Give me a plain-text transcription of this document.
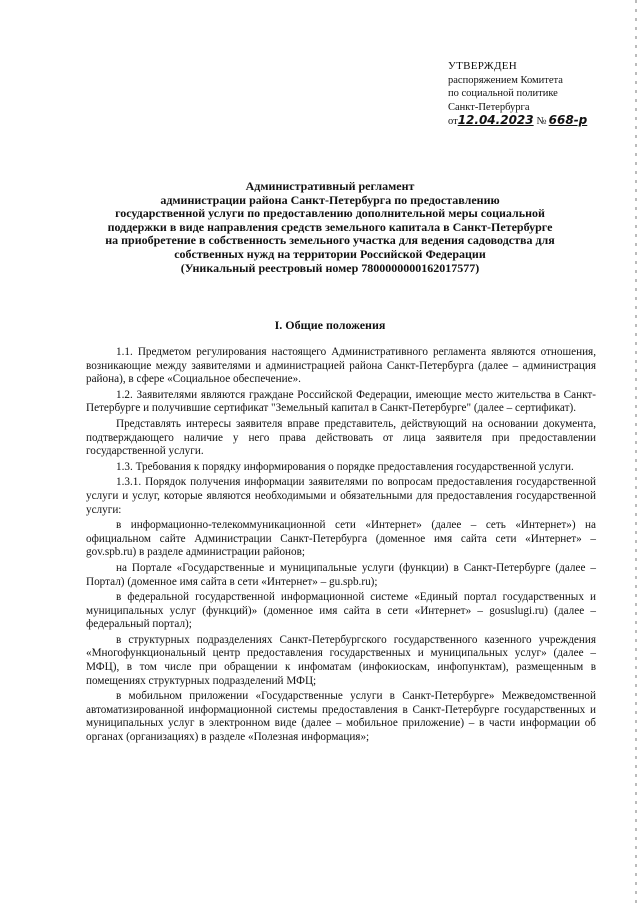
УТВЕРЖДЕН
распоряжением Комитета
по социальной политике
Санкт-Петербурга
от 12.04.2023 № 668-р
Административный регламент
администрации района Санкт-Петербурга по предоставлению
государственной услуги по предоставлению дополнительной меры социальной
поддержки в виде направления средств земельного капитала в Санкт-Петербурге
на приобретение в собственность земельного участка для ведения садоводства для
собственных нужд на территории Российской Федерации
(Уникальный реестровый номер 7800000000162017577)
I. Общие положения

1.1. Предметом регулирования настоящего Административного регламента являются отношения, возникающие между заявителями и администрацией района Санкт-Петербурга (далее – администрация района), в сфере «Социальное обеспечение».

1.2. Заявителями являются граждане Российской Федерации, имеющие место жительства в Санкт-Петербурге и получившие сертификат "Земельный капитал в Санкт-Петербурге" (далее – сертификат).

Представлять интересы заявителя вправе представитель, действующий на основании документа, подтверждающего наличие у него права действовать от лица заявителя при предоставлении государственной услуги.

1.3. Требования к порядку информирования о порядке предоставления государственной услуги.

1.3.1. Порядок получения информации заявителями по вопросам предоставления государственной услуги и услуг, которые являются необходимыми и обязательными для предоставления государственной услуги:

в информационно-телекоммуникационной сети «Интернет» (далее – сеть «Интернет») на официальном сайте Администрации Санкт-Петербурга (доменное имя сайта сети «Интернет» – gov.spb.ru) в разделе администрации районов;

на Портале «Государственные и муниципальные услуги (функции) в Санкт-Петербурге (далее – Портал) (доменное имя сайта в сети «Интернет» – gu.spb.ru);

в федеральной государственной информационной системе «Единый портал государственных и муниципальных услуг (функций)» (доменное имя сайта в сети «Интернет» – gosuslugi.ru) (далее – федеральный портал);

в структурных подразделениях Санкт-Петербургского государственного казенного учреждения «Многофункциональный центр предоставления государственных и муниципальных услуг» (далее – МФЦ), в том числе при обращении к инфоматам (инфокиоскам, инфопунктам), размещенным в помещениях структурных подразделений МФЦ;

в мобильном приложении «Государственные услуги в Санкт-Петербурге» Межведомственной автоматизированной информационной системы предоставления в Санкт-Петербурге государственных и муниципальных услуг в электронном виде (далее – мобильное приложение) – в части информации об органах (организациях) в разделе «Полезная информация»;
